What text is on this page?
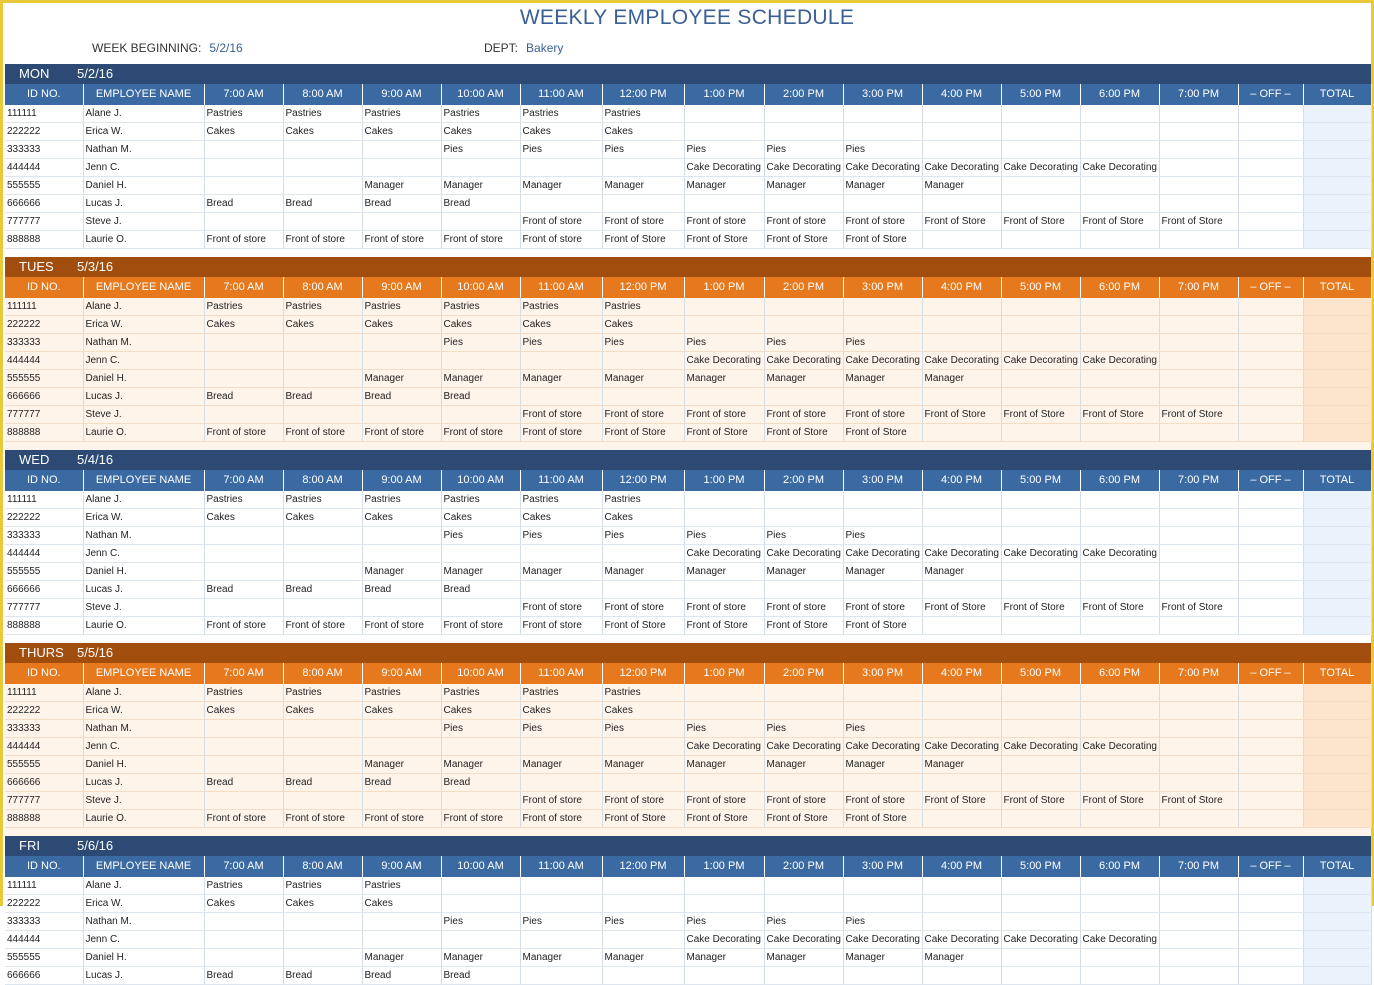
WEEKLY EMPLOYEE SCHEDULE
WEEK BEGINNING: 5/2/16	DEPT: Bakery
MON 5/2/16																	
ID NO.	EMPLOYEE NAME	7:00 AM	8:00 AM	9:00 AM	10:00 AM	11:00 AM	12:00 PM	1:00 PM	2:00 PM	3:00 PM	4:00 PM	5:00 PM	6:00 PM	7:00 PM	– OFF –	TOTAL	
111111	Alane J.	Pastries	Pastries	Pastries	Pastries	Pastries	Pastries										
222222	Erica W.	Cakes	Cakes	Cakes	Cakes	Cakes	Cakes										
333333	Nathan M.				Pies	Pies	Pies	Pies	Pies	Pies							
444444	Jenn C.							Cake Decorating	Cake Decorating	Cake Decorating	Cake Decorating	Cake Decorating	Cake Decorating				
555555	Daniel H.			Manager	Manager	Manager	Manager	Manager	Manager	Manager	Manager						
666666	Lucas J.	Bread	Bread	Bread	Bread												
777777	Steve J.					Front of store	Front of store	Front of store	Front of store	Front of store	Front of Store	Front of Store	Front of Store	Front of Store			
888888	Laurie O.	Front of store	Front of store	Front of store	Front of store	Front of store	Front of Store	Front of Store	Front of Store	Front of Store							

TUES 5/3/16																	
ID NO.	EMPLOYEE NAME	7:00 AM	8:00 AM	9:00 AM	10:00 AM	11:00 AM	12:00 PM	1:00 PM	2:00 PM	3:00 PM	4:00 PM	5:00 PM	6:00 PM	7:00 PM	– OFF –	TOTAL	
111111	Alane J.	Pastries	Pastries	Pastries	Pastries	Pastries	Pastries										
222222	Erica W.	Cakes	Cakes	Cakes	Cakes	Cakes	Cakes										
333333	Nathan M.				Pies	Pies	Pies	Pies	Pies	Pies							
444444	Jenn C.							Cake Decorating	Cake Decorating	Cake Decorating	Cake Decorating	Cake Decorating	Cake Decorating				
555555	Daniel H.			Manager	Manager	Manager	Manager	Manager	Manager	Manager	Manager						
666666	Lucas J.	Bread	Bread	Bread	Bread												
777777	Steve J.					Front of store	Front of store	Front of store	Front of store	Front of store	Front of Store	Front of Store	Front of Store	Front of Store			
888888	Laurie O.	Front of store	Front of store	Front of store	Front of store	Front of store	Front of Store	Front of Store	Front of Store	Front of Store							

WED 5/4/16																	
ID NO.	EMPLOYEE NAME	7:00 AM	8:00 AM	9:00 AM	10:00 AM	11:00 AM	12:00 PM	1:00 PM	2:00 PM	3:00 PM	4:00 PM	5:00 PM	6:00 PM	7:00 PM	– OFF –	TOTAL	
111111	Alane J.	Pastries	Pastries	Pastries	Pastries	Pastries	Pastries										
222222	Erica W.	Cakes	Cakes	Cakes	Cakes	Cakes	Cakes										
333333	Nathan M.				Pies	Pies	Pies	Pies	Pies	Pies							
444444	Jenn C.							Cake Decorating	Cake Decorating	Cake Decorating	Cake Decorating	Cake Decorating	Cake Decorating				
555555	Daniel H.			Manager	Manager	Manager	Manager	Manager	Manager	Manager	Manager						
666666	Lucas J.	Bread	Bread	Bread	Bread												
777777	Steve J.					Front of store	Front of store	Front of store	Front of store	Front of store	Front of Store	Front of Store	Front of Store	Front of Store			
888888	Laurie O.	Front of store	Front of store	Front of store	Front of store	Front of store	Front of Store	Front of Store	Front of Store	Front of Store							

THURS 5/5/16																	
ID NO.	EMPLOYEE NAME	7:00 AM	8:00 AM	9:00 AM	10:00 AM	11:00 AM	12:00 PM	1:00 PM	2:00 PM	3:00 PM	4:00 PM	5:00 PM	6:00 PM	7:00 PM	– OFF –	TOTAL	
111111	Alane J.	Pastries	Pastries	Pastries	Pastries	Pastries	Pastries										
222222	Erica W.	Cakes	Cakes	Cakes	Cakes	Cakes	Cakes										
333333	Nathan M.				Pies	Pies	Pies	Pies	Pies	Pies							
444444	Jenn C.							Cake Decorating	Cake Decorating	Cake Decorating	Cake Decorating	Cake Decorating	Cake Decorating				
555555	Daniel H.			Manager	Manager	Manager	Manager	Manager	Manager	Manager	Manager						
666666	Lucas J.	Bread	Bread	Bread	Bread												
777777	Steve J.					Front of store	Front of store	Front of store	Front of store	Front of store	Front of Store	Front of Store	Front of Store	Front of Store			
888888	Laurie O.	Front of store	Front of store	Front of store	Front of store	Front of store	Front of Store	Front of Store	Front of Store	Front of Store							

FRI 5/6/16																	
ID NO.	EMPLOYEE NAME	7:00 AM	8:00 AM	9:00 AM	10:00 AM	11:00 AM	12:00 PM	1:00 PM	2:00 PM	3:00 PM	4:00 PM	5:00 PM	6:00 PM	7:00 PM	– OFF –	TOTAL	
111111	Alane J.	Pastries	Pastries	Pastries													
222222	Erica W.	Cakes	Cakes	Cakes													
333333	Nathan M.				Pies	Pies	Pies	Pies	Pies	Pies							
444444	Jenn C.							Cake Decorating	Cake Decorating	Cake Decorating	Cake Decorating	Cake Decorating	Cake Decorating				
555555	Daniel H.			Manager	Manager	Manager	Manager	Manager	Manager	Manager	Manager						
666666	Lucas J.	Bread	Bread	Bread	Bread												
